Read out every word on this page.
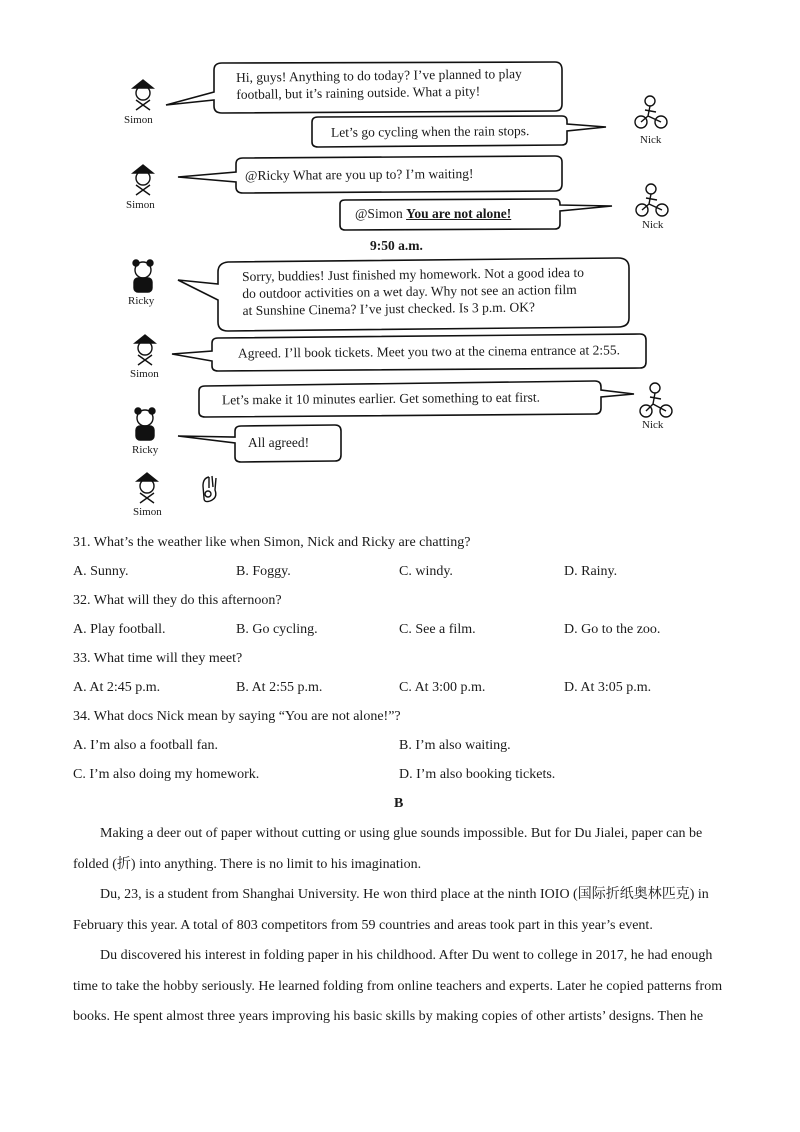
Simon
Nick
Simon
Nick
Ricky
Simon
Nick
Ricky
Simon
Hi, guys! Anything to do today? I’ve planned to play
football, but it’s raining outside. What a pity!
Let’s go cycling when the rain stops.
@Ricky What are you up to? I’m waiting!
@Simon You are not alone!
9:50 a.m.
Sorry, buddies! Just finished my homework. Not a good idea to
do outdoor activities on a wet day. Why not see an action film
at Sunshine Cinema? I’ve just checked. Is 3 p.m. OK?
Agreed. I’ll book tickets. Meet you two at the cinema entrance at 2:55.
Let’s make it 10 minutes earlier. Get something to eat first.
All agreed!
31. What’s the weather like when Simon, Nick and Ricky are chatting?
A. Sunny.	B. Foggy.	C. windy.	D. Rainy.
32. What will they do this afternoon?
A. Play football.	B. Go cycling.	C. See a film.	D. Go to the zoo.
33. What time will they meet?
A. At 2:45 p.m.	B. At 2:55 p.m.	C. At 3:00 p.m.	D. At 3:05 p.m.
34. What docs Nick mean by saying “You are not alone!”?
A. I’m also a football fan.	B. I’m also waiting.
C. I’m also doing my homework.	D. I’m also booking tickets.
B
Making a deer out of paper without cutting or using glue sounds impossible. But for Du Jialei, paper can be
folded (折) into anything. There is no limit to his imagination.
Du, 23, is a student from Shanghai University. He won third place at the ninth IOIO (国际折纸奥林匹克) in
February this year. A total of 803 competitors from 59 countries and areas took part in this year’s event.
Du discovered his interest in folding paper in his childhood. After Du went to college in 2017, he had enough
time to take the hobby seriously. He learned folding from online teachers and experts. Later he copied patterns from
books. He spent almost three years improving his basic skills by making copies of other artists’ designs. Then he
